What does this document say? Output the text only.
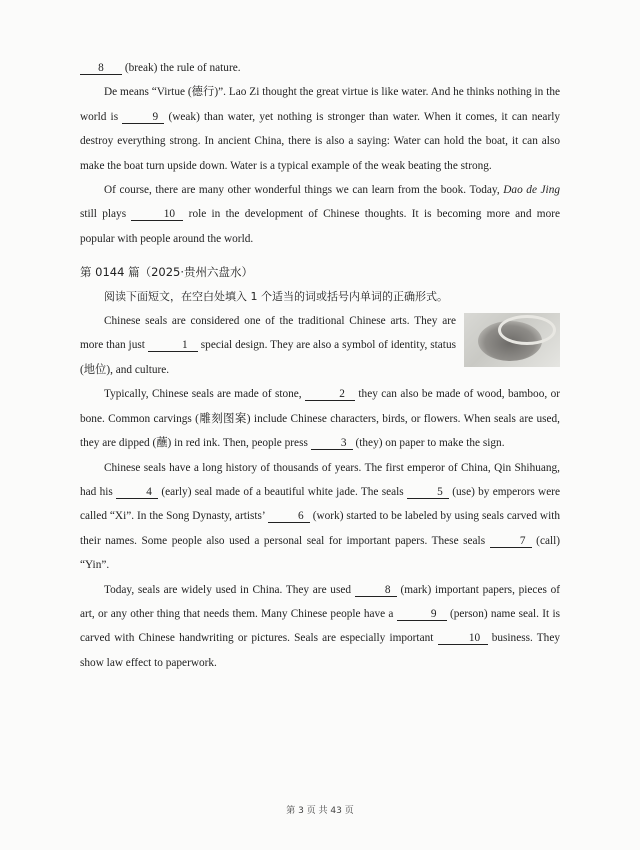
8 (break) the rule of nature.

De means “Virtue (德行)”. Lao Zi thought the great virtue is like water. And he thinks nothing in the world is	9 (weak) than water, yet nothing is stronger than water. When it comes, it can nearly destroy everything strong. In ancient China, there is also a saying: Water can hold the boat, it can also make the boat turn upside down. Water is a typical example of the weak beating the strong.

Of course, there are many other wonderful things we can learn from the book. Today, Dao de Jing still plays	10 role in the development of Chinese thoughts. It is becoming more and more popular with people around the world.

第 0144 篇（2025·贵州六盘水）

阅读下面短文，在空白处填入 1 个适当的词或括号内单词的正确形式。

Chinese seals are considered one of the traditional Chinese arts. They are more than just	1 special design. They are also a symbol of identity, status (地位), and culture.

Typically, Chinese seals are made of stone,	2 they can also be made of wood, bamboo, or bone. Common carvings (雕刻图案) include Chinese characters, birds, or flowers. When seals are used, they are dipped (蘸) in red ink. Then, people press	3 (they) on paper to make the sign.

Chinese seals have a long history of thousands of years. The first emperor of China, Qin Shihuang, had his	4 (early) seal made of a beautiful white jade. The seals	5 (use) by emperors were called “Xi”. In the Song Dynasty, artists’	6 (work) started to be labeled by using seals carved with their names. Some people also used a personal seal for important papers. These seals	7 (call) “Yin”.

Today, seals are widely used in China. They are used	8 (mark) important papers, pieces of art, or any other thing that needs them. Many Chinese people have a	9 (person) name seal. It is carved with Chinese handwriting or pictures. Seals are especially important	10 business. They show law effect to paperwork.

第 3 页 共 43 页
